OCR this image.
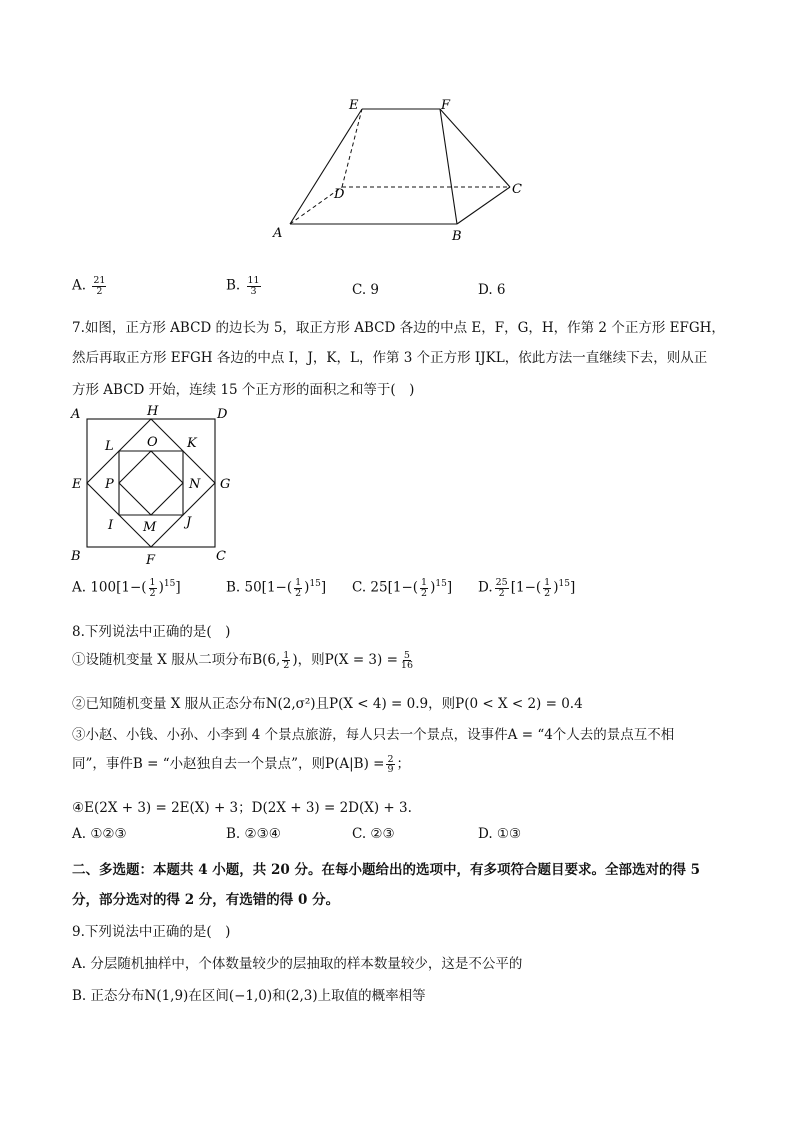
A	B
C
D
E	F
A. $\frac{21}{2}$	B. $\frac{11}{3}$	C. 9	D. 6
7.如图，正方形 ABCD 的边长为 5，取正方形 ABCD 各边的中点 E，F，G，H，作第 2 个正方形 EFGH，
然后再取正方形 EFGH 各边的中点 I，J，K，L，作第 3 个正方形 IJKL，依此方法一直继续下去，则从正
方形 ABCD 开始，连续 15 个正方形的面积之和等于(　)
A	H	D
L	O K
E P	N G
I M J
B	F	C
A. $100[1-( \frac{1}{2} )^{15}]$	B. $50[1-( \frac{1}{2} )^{15}]$ C. $25[1-( \frac{1}{2} )^{15}]$ D. $\frac{25}{2} [1-( \frac{1}{2} )^{15}]$
8.下列说法中正确的是(　)
①设随机变量 X 服从二项分布B(6, $\frac{1}{2}$ )，则$P(X = 3) = \frac{5}{16}$
②已知随机变量 X 服从正态分布N(2,σ²)且P(X < 4) = 0.9，则P(0 < X < 2) = 0.4
③小赵、小钱、小孙、小李到 4 个景点旅游，每人只去一个景点，设事件A = “4个人去的景点互不相
同”，事件B = “小赵独自去一个景点”，则$P(A|B) = \frac{2}{9}$ ；
④E(2X + 3) = 2E(X) + 3；D(2X + 3) = 2D(X) + 3.
A. ①②③	B. ②③④	C. ②③	D. ①③
二、多选题：本题共 4 小题，共 20 分。在每小题给出的选项中，有多项符合题目要求。全部选对的得 5
分，部分选对的得 2 分，有选错的得 0 分。
9.下列说法中正确的是(　)
A. 分层随机抽样中，个体数量较少的层抽取的样本数量较少，这是不公平的
B. 正态分布N(1,9)在区间(−1,0)和(2,3)上取值的概率相等
